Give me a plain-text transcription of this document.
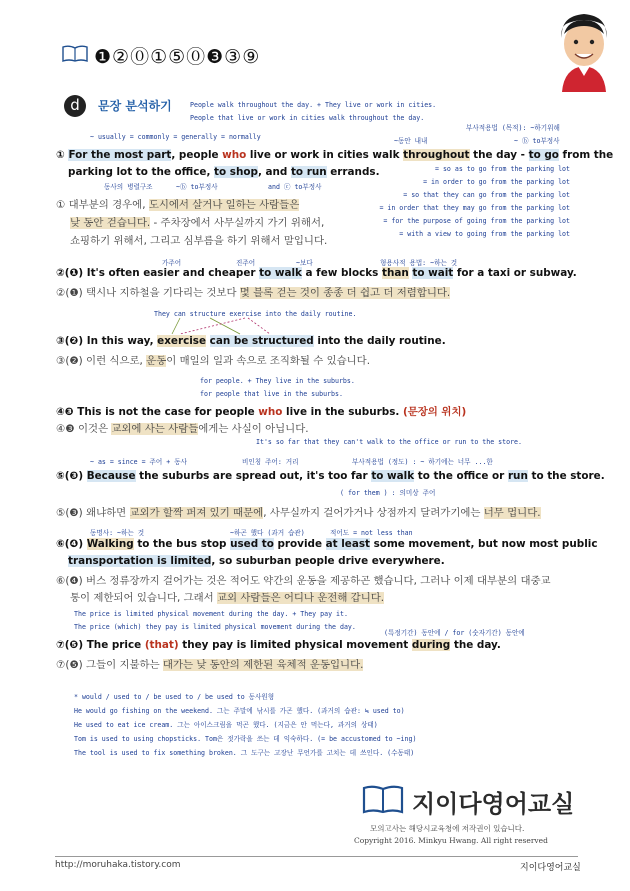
❶②⓪①⑤⓪❸③⑨
d	문장 분석하기	People walk throughout the day. + They live or work in cities.
People that live or work in cities walk throughout the day.
부사적용법 (목적): ~하기위해
~ usually = commonly = generally = normally	~동안 내내	~ ⓑ to부정사
① For the most part, people who live or work in cities walk throughout the day - to go from the
parking lot to the office, to shop, and to run errands.
동사의 병렬구조	~ⓑ to부정사	and ⓒ to부정사
① 대부분의 경우에, 도시에서 살거나 일하는 사람들은
낮 동안 걷습니다. - 주차장에서 사무실까지 가기 위해서,
쇼핑하기 위해서, 그리고 심부름을 하기 위해서 말입니다.
= so as to go from the parking lot
= in order to go from the parking lot
= so that they can go from the parking lot
= in order that they may go from the parking lot
= for the purpose of going from the parking lot
= with a view to going from the parking lot
가주어	진주어	~보다	형용사적 용법: ~하는 것
②(❶) It's often easier and cheaper to walk a few blocks than to wait for a taxi or subway.
②(❶) 택시나 지하철을 기다리는 것보다 몇 블록 걷는 것이 종종 더 쉽고 더 저렴합니다.
They can structure exercise into the daily routine.
③(❷) In this way, exercise can be structured into the daily routine.
③(❷) 이런 식으로, 운동이 매일의 일과 속으로 조직화될 수 있습니다.
for people. + They live in the suburbs.
for people that live in the suburbs.
④❸ This is not the case for people who live in the suburbs. (문장의 위치)
④❸ 이것은 교외에 사는 사람들에게는 사실이 아닙니다.
It's so far that they can't walk to the office or run to the store.
~ as = since = 주어 + 동사	비인칭 주어: 거리	부사적용법 (정도) : ~ 하기에는 너무 ...한
⑤(❸) Because the suburbs are spread out, it's too far to walk to the office or run to the store.
( for them ) : 의미상 주어
⑤(❸) 왜냐하면 교외가 할짝 퍼져 있기 때문에, 사무실까지 걸어가거나 상점까지 달려가기에는 너무 멉니다.
동명사: ~하는 것	~하곤 했다 (과거 습관)	적어도 = not less than
⑥(❹) Walking to the bus stop used to provide at least some movement, but now most public
transportation is limited, so suburban people drive everywhere.
⑥(❹) 버스 정류장까지 걸어가는 것은 적어도 약간의 운동을 제공하곤 했습니다, 그러나 이제 대부분의 대중교
통이 제한되어 있습니다, 그래서 교외 사람들은 어디나 운전해 갑니다.
The price is limited physical movement during the day. + They pay it.
The price (which) they pay is limited physical movement during the day.
(특정기간) 동안에 / for (숫자기간) 동안에
⑦(❺) The price (that) they pay is limited physical movement during the day.
⑦(❺) 그들이 지불하는 대가는 낮 동안의 제한된 육체적 운동입니다.
* would / used to / be used to / be used to 동사원형
He would go fishing on the weekend. 그는 주말에 낚시를 가곤 했다. (과거의 습관: ≒ used to)
He used to eat ice cream. 그는 아이스크림을 먹곤 했다. (지금은 안 먹는다, 과거의 상태)
Tom is used to using chopsticks. Tom은 젓가락을 쓰는 데 익숙하다. (= be accustomed to ~ing)
The tool is used to fix something broken. 그 도구는 고장난 무언가를 고치는 데 쓰인다. (수동태)
지이다영어교실
모의고사는 해당시교육청에 저작권이 있습니다.
Copyright 2016. Minkyu Hwang. All right reserved
http://moruhaka.tistory.com	지이다영어교실
